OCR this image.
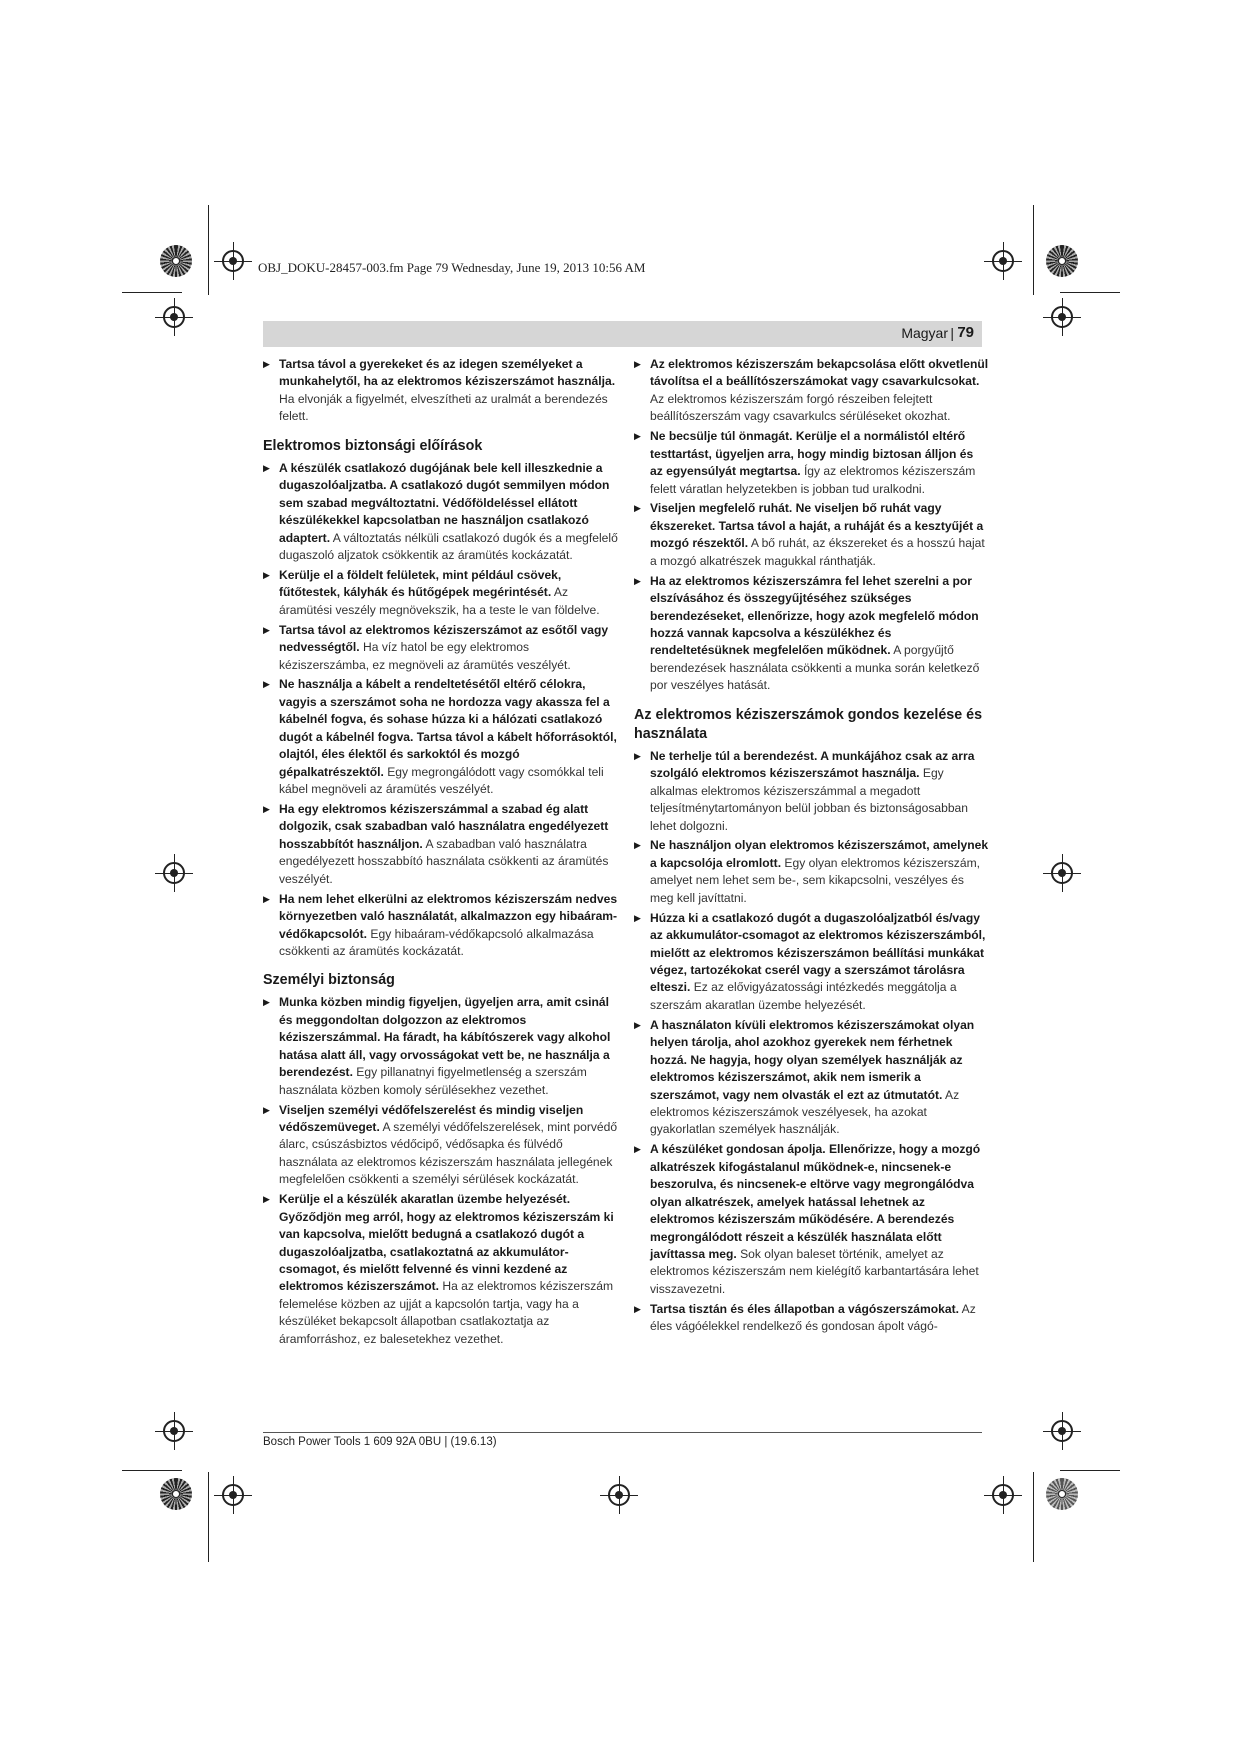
OBJ_DOKU-28457-003.fm Page 79 Wednesday, June 19, 2013 10:56 AM
Magyar | 79
▶ Tartsa távol a gyerekeket és az idegen személyeket a munkahelytől, ha az elektromos kéziszerszámot használja. Ha elvonják a figyelmét, elveszítheti az uralmát a berendezés felett.
Elektromos biztonsági előírások
▶ A készülék csatlakozó dugójának bele kell illeszkednie a dugaszolóaljzatba. A csatlakozó dugót semmilyen módon sem szabad megváltoztatni. Védőföldeléssel ellátott készülékekkel kapcsolatban ne használjon csatlakozó adaptert. A változtatás nélküli csatlakozó dugók és a megfelelő dugaszoló aljzatok csökkentik az áramütés kockázatát.
▶ Kerülje el a földelt felületek, mint például csövek, fűtőtestek, kályhák és hűtőgépek megérintését. Az áramütési veszély megnövekszik, ha a teste le van földelve.
▶ Tartsa távol az elektromos kéziszerszámot az esőtől vagy nedvességtől. Ha víz hatol be egy elektromos kéziszerszámba, ez megnöveli az áramütés veszélyét.
▶ Ne használja a kábelt a rendeltetésétől eltérő célokra, vagyis a szerszámot soha ne hordozza vagy akassza fel a kábelnél fogva, és sohase húzza ki a hálózati csatlakozó dugót a kábelnél fogva. Tartsa távol a kábelt hőforrásoktól, olajtól, éles élektől és sarkoktól és mozgó gépalkatrészektől. Egy megrongálódott vagy csomókkal teli kábel megnöveli az áramütés veszélyét.
▶ Ha egy elektromos kéziszerszámmal a szabad ég alatt dolgozik, csak szabadban való használatra engedélyezett hosszabbítót használjon. A szabadban való használatra engedélyezett hosszabbító használata csökkenti az áramütés veszélyét.
▶ Ha nem lehet elkerülni az elektromos kéziszerszám nedves környezetben való használatát, alkalmazzon egy hibaáram-védőkapcsolót. Egy hibaáram-védőkapcsoló alkalmazása csökkenti az áramütés kockázatát.
Személyi biztonság
▶ Munka közben mindig figyeljen, ügyeljen arra, amit csinál és meggondoltan dolgozzon az elektromos kéziszerszámmal. Ha fáradt, ha kábítószerek vagy alkohol hatása alatt áll, vagy orvosságokat vett be, ne használja a berendezést. Egy pillanatnyi figyelmetlenség a szerszám használata közben komoly sérülésekhez vezethet.
▶ Viseljen személyi védőfelszerelést és mindig viseljen védőszemüveget. A személyi védőfelszerelések, mint porvédő álarc, csúszásbiztos védőcipő, védősapka és fülvédő használata az elektromos kéziszerszám használata jellegének megfelelően csökkenti a személyi sérülések kockázatát.
▶ Kerülje el a készülék akaratlan üzembe helyezését. Győződjön meg arról, hogy az elektromos kéziszerszám ki van kapcsolva, mielőtt bedugná a csatlakozó dugót a dugaszolóaljzatba, csatlakoztatná az akkumulátor-csomagot, és mielőtt felvenné és vinni kezdené az elektromos kéziszerszámot. Ha az elektromos kéziszerszám felemelése közben az ujját a kapcsolón tartja, vagy ha a készüléket bekapcsolt állapotban csatlakoztatja az áramforráshoz, ez balesetekhez vezethet.
▶ Az elektromos kéziszerszám bekapcsolása előtt okvetlenül távolítsa el a beállítószerszámokat vagy csavarkulcsokat. Az elektromos kéziszerszám forgó részeiben felejtett beállítószerszám vagy csavarkulcs sérüléseket okozhat.
▶ Ne becsülje túl önmagát. Kerülje el a normálistól eltérő testtartást, ügyeljen arra, hogy mindig biztosan álljon és az egyensúlyát megtartsa. Így az elektromos kéziszerszám felett váratlan helyzetekben is jobban tud uralkodni.
▶ Viseljen megfelelő ruhát. Ne viseljen bő ruhát vagy ékszereket. Tartsa távol a haját, a ruháját és a kesztyűjét a mozgó részektől. A bő ruhát, az ékszereket és a hosszú hajat a mozgó alkatrészek magukkal ránthatják.
▶ Ha az elektromos kéziszerszámra fel lehet szerelni a por elszívásához és összegyűjtéséhez szükséges berendezéseket, ellenőrizze, hogy azok megfelelő módon hozzá vannak kapcsolva a készülékhez és rendeltetésüknek megfelelően működnek. A porgyűjtő berendezések használata csökkenti a munka során keletkező por veszélyes hatását.
Az elektromos kéziszerszámok gondos kezelése és használata
▶ Ne terhelje túl a berendezést. A munkájához csak az arra szolgáló elektromos kéziszerszámot használja. Egy alkalmas elektromos kéziszerszámmal a megadott teljesítménytartományon belül jobban és biztonságosabban lehet dolgozni.
▶ Ne használjon olyan elektromos kéziszerszámot, amelynek a kapcsolója elromlott. Egy olyan elektromos kéziszerszám, amelyet nem lehet sem be-, sem kikapcsolni, veszélyes és meg kell javíttatni.
▶ Húzza ki a csatlakozó dugót a dugaszolóaljzatból és/vagy az akkumulátor-csomagot az elektromos kéziszerszámból, mielőtt az elektromos kéziszerszámon beállítási munkákat végez, tartozékokat cserél vagy a szerszámot tárolásra elteszi. Ez az elővigyázatossági intézkedés meggátolja a szerszám akaratlan üzembe helyezését.
▶ A használaton kívüli elektromos kéziszerszámokat olyan helyen tárolja, ahol azokhoz gyerekek nem férhetnek hozzá. Ne hagyja, hogy olyan személyek használják az elektromos kéziszerszámot, akik nem ismerik a szerszámot, vagy nem olvasták el ezt az útmutatót. Az elektromos kéziszerszámok veszélyesek, ha azokat gyakorlatlan személyek használják.
▶ A készüléket gondosan ápolja. Ellenőrizze, hogy a mozgó alkatrészek kifogástalanul működnek-e, nincsenek-e beszorulva, és nincsenek-e eltörve vagy megrongálódva olyan alkatrészek, amelyek hatással lehetnek az elektromos kéziszerszám működésére. A berendezés megrongálódott részeit a készülék használata előtt javíttassa meg. Sok olyan baleset történik, amelyet az elektromos kéziszerszám nem kielégítő karbantartására lehet visszavezetni.
▶ Tartsa tisztán és éles állapotban a vágószerszámokat. Az éles vágóélekkel rendelkező és gondosan ápolt vágó-
Bosch Power Tools 1 609 92A 0BU | (19.6.13)
